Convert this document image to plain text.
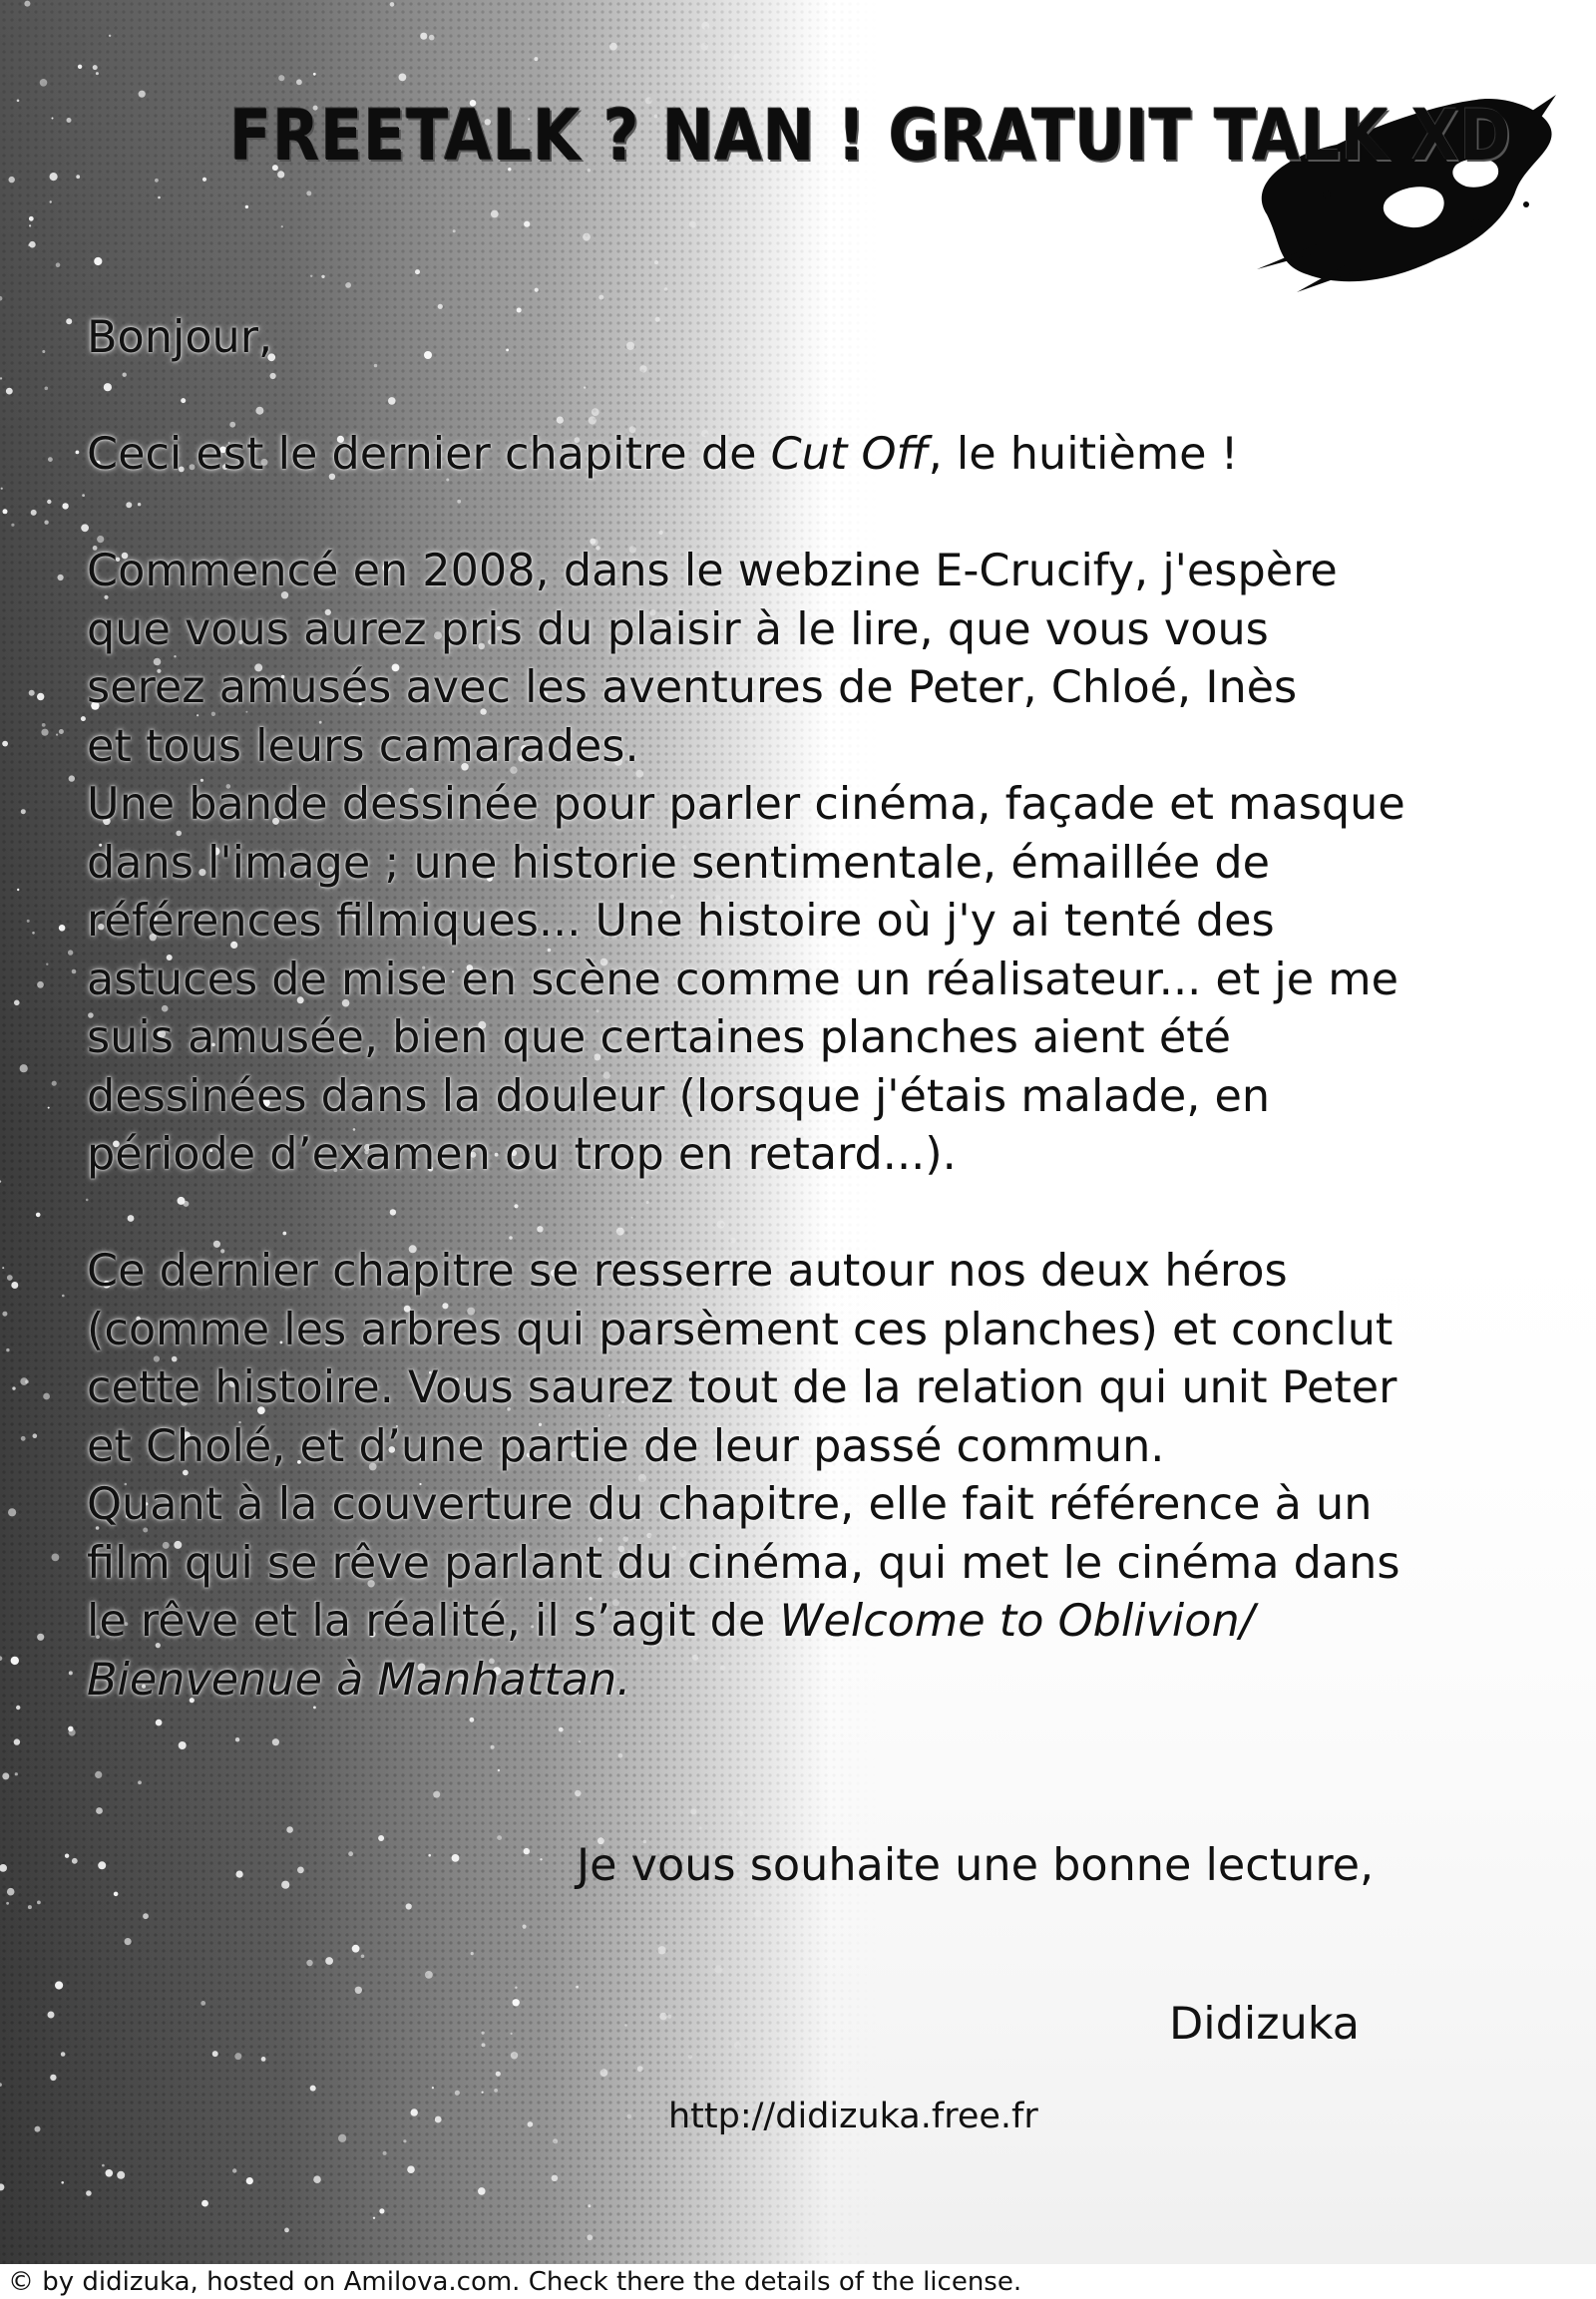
FREETALK ? NAN ! GRATUIT TALK XD

Bonjour,

Ceci est le dernier chapitre de Cut Off, le huitième !

Commencé en 2008, dans le webzine E-Crucify, j'espère

que vous aurez pris du plaisir à le lire, que vous vous

serez amusés avec les aventures de Peter, Chloé, Inès

et tous leurs camarades.

Une bande dessinée pour parler cinéma, façade et masque

dans l'image ; une historie sentimentale, émaillée de

références filmiques... Une histoire où j'y ai tenté des

astuces de mise en scène comme un réalisateur... et je me

suis amusée, bien que certaines planches aient été

dessinées dans la douleur (lorsque j'étais malade, en

période d’examen ou trop en retard...).

Ce dernier chapitre se resserre autour nos deux héros

(comme les arbres qui parsèment ces planches) et conclut

cette histoire. Vous saurez tout de la relation qui unit Peter

et Cholé, et d’une partie de leur passé commun.

Quant à la couverture du chapitre, elle fait référence à un

film qui se rêve parlant du cinéma, qui met le cinéma dans

le rêve et la réalité, il s’agit de Welcome to Oblivion/

Bienvenue à Manhattan.

Je vous souhaite une bonne lecture,
Didizuka
http://didizuka.free.fr
© by didizuka, hosted on Amilova.com. Check there the details of the license.
